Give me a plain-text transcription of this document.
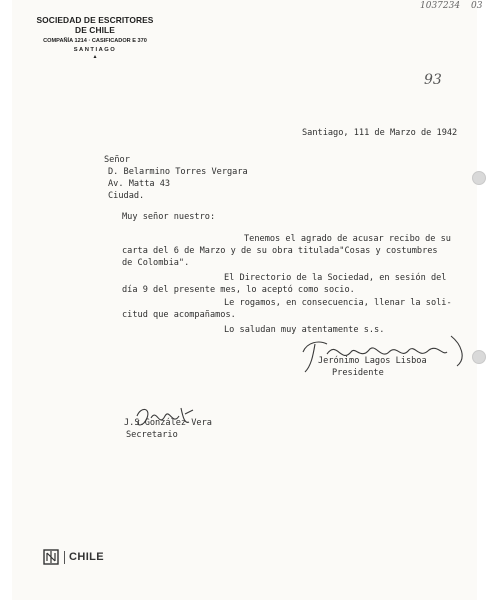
1037234 03
93
SOCIEDAD DE ESCRITORES
DE CHILE
COMPAÑÍA 1214 · CASIFICADOR E 370
SANTIAGO
▴
Santiago, 111 de Marzo de 1942
Señor
D. Belarmino Torres Vergara
Av. Matta 43
Ciudad.
Muy señor nuestro:
Tenemos el agrado de acusar recibo de su
carta del 6 de Marzo y de su obra titulada"Cosas y costumbres
de Colombia".
El Directorio de la Sociedad, en sesión del
día 9 del presente mes, lo aceptó como socio.
Le rogamos, en consecuencia, llenar la soli-
citud que acompañamos.
Lo saludan muy atentamente s.s.
Jerónimo Lagos Lisboa
Presidente
J.S.González Vera
Secretario
CHILE
